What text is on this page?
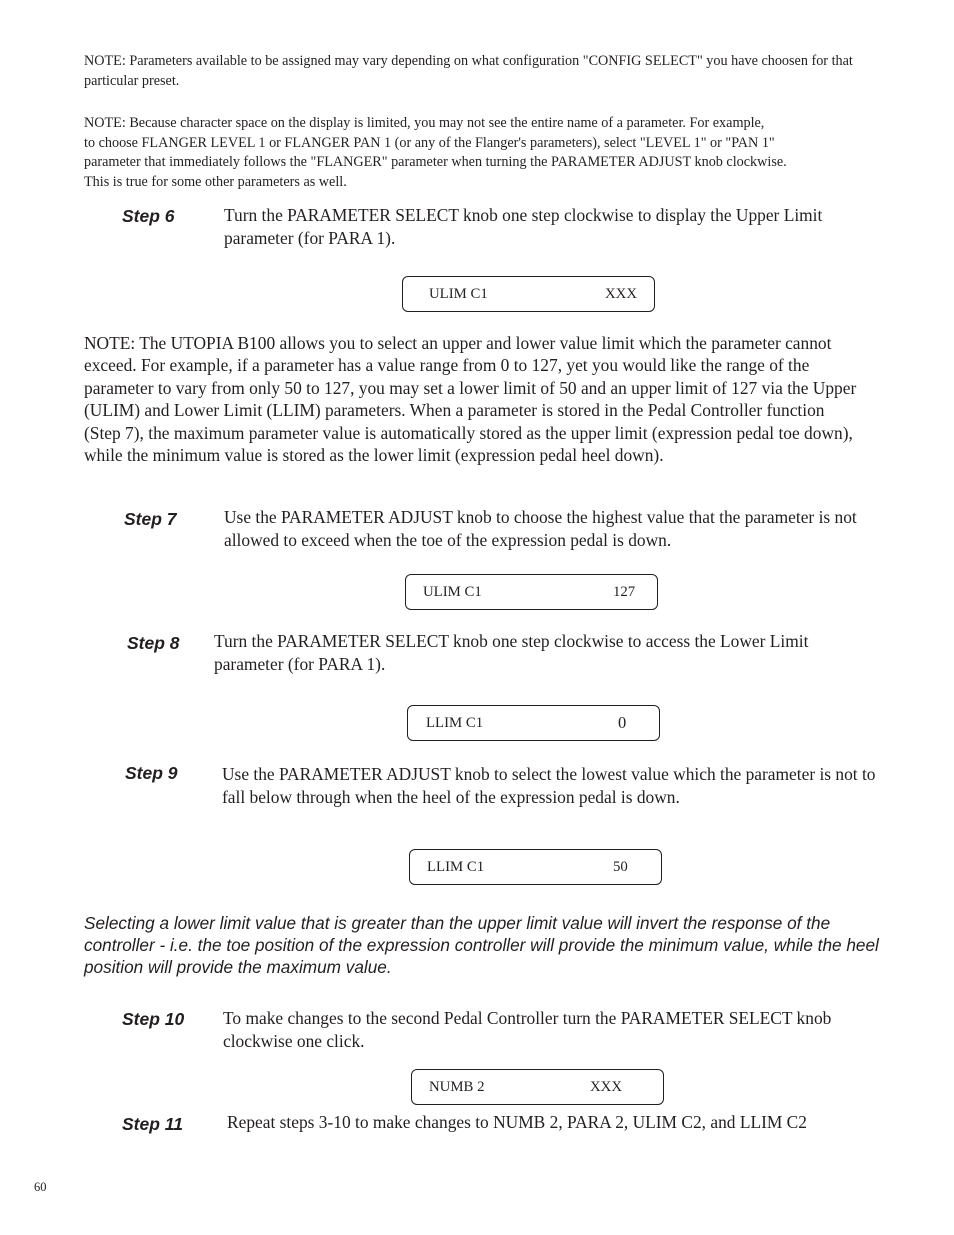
NOTE: Parameters available to be assigned may vary depending on what configuration "CONFIG SELECT" you have choosen for that particular preset.
NOTE: Because character space on the display is limited, you may not see the entire name of a parameter. For example,
to choose FLANGER LEVEL 1 or FLANGER PAN 1 (or any of the Flanger's parameters), select "LEVEL 1" or "PAN 1"
parameter that immediately follows the "FLANGER" parameter when turning the PARAMETER ADJUST knob clockwise.
This is true for some other parameters as well.
Step 6	Turn the PARAMETER SELECT knob one step clockwise to display the Upper Limit parameter (for PARA 1).
ULIM C1	XXX
NOTE: The UTOPIA B100 allows you to select an upper and lower value limit which the parameter cannot exceed. For example, if a parameter has a value range from 0 to 127, yet you would like the range of the parameter to vary from only 50 to 127, you may set a lower limit of 50 and an upper limit of 127 via the Upper (ULIM) and Lower Limit (LLIM) parameters. When a parameter is stored in the Pedal Controller function (Step 7), the maximum parameter value is automatically stored as the upper limit (expression pedal toe down), while the minimum value is stored as the lower limit (expression pedal heel down).
Step 7	Use the PARAMETER ADJUST knob to choose the highest value that the parameter is not allowed to exceed when the toe of the expression pedal is down.
ULIM C1	127
Step 8 Turn the PARAMETER SELECT knob one step clockwise to access the Lower Limit parameter (for PARA 1).
LLIM C1	0
Step 9	Use the PARAMETER ADJUST knob to select the lowest value which the parameter is not to fall below through when the heel of the expression pedal is down.
LLIM C1	50
Selecting a lower limit value that is greater than the upper limit value will invert the response of the controller - i.e. the toe position of the expression controller will provide the minimum value, while the heel position will provide the maximum value.
Step 10 To make changes to the second Pedal Controller turn the PARAMETER SELECT knob clockwise one click.
NUMB 2	XXX
Step 11	Repeat steps 3-10 to make changes to NUMB 2, PARA 2, ULIM C2, and LLIM C2
60
